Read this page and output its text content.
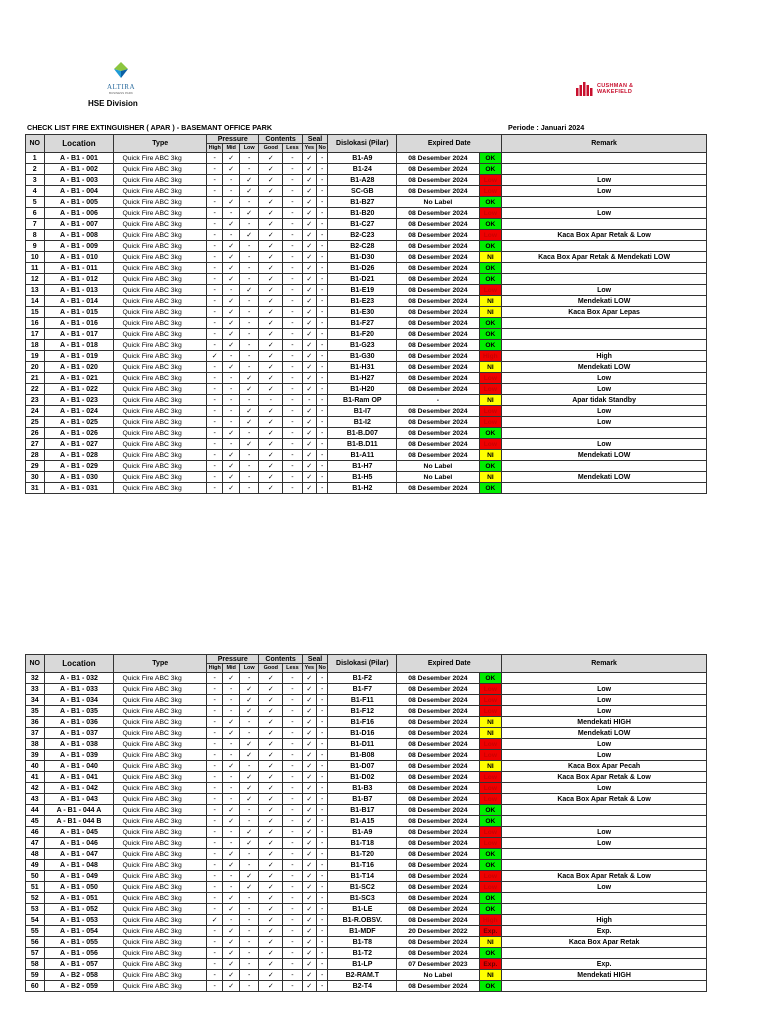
ALTIRA
BUSINESS PARK
HSE Division
CUSHMAN &
WAKEFIELD
CHECK LIST FIRE EXTINGUISHER ( APAR ) - BASEMANT OFFICE PARK	Periode : Januari 2024
NO	Location	Type	Pressure			Contents		Seal		Dislokasi (Pilar)	Expired Date		Remark
			High	Mid	Low	Good	Less	Yes	No				
1	A - B1 - 001	Quick Fire ABC 3kg	-	✓	-	✓	-	✓	-	B1-A9	08 Desember 2024	OK	
2	A - B1 - 002	Quick Fire ABC 3kg	-	✓	-	✓	-	✓	-	B1-24	08 Desember 2024	OK	
3	A - B1 - 003	Quick Fire ABC 3kg	-	-	✓	✓	-	✓	-	B1-A28	08 Desember 2024	Low	Low
4	A - B1 - 004	Quick Fire ABC 3kg	-	-	✓	✓	-	✓	-	SC-GB	08 Desember 2024	Low	Low
5	A - B1 - 005	Quick Fire ABC 3kg	-	✓	-	✓	-	✓	-	B1-B27	No Label	OK	
6	A - B1 - 006	Quick Fire ABC 3kg	-	-	✓	✓	-	✓	-	B1-B20	08 Desember 2024	Low	Low
7	A - B1 - 007	Quick Fire ABC 3kg	-	✓	-	✓	-	✓	-	B1-C27	08 Desember 2024	OK	
8	A - B1 - 008	Quick Fire ABC 3kg	-	-	✓	✓	-	✓	-	B2-C23	08 Desember 2024	Low	Kaca Box Apar Retak & Low
9	A - B1 - 009	Quick Fire ABC 3kg	-	✓	-	✓	-	✓	-	B2-C28	08 Desember 2024	OK	
10	A - B1 - 010	Quick Fire ABC 3kg	-	✓	-	✓	-	✓	-	B1-D30	08 Desember 2024	NI	Kaca Box Apar Retak & Mendekati LOW
11	A - B1 - 011	Quick Fire ABC 3kg	-	✓	-	✓	-	✓	-	B1-D26	08 Desember 2024	OK	
12	A - B1 - 012	Quick Fire ABC 3kg	-	✓	-	✓	-	✓	-	B1-D21	08 Desember 2024	OK	
13	A - B1 - 013	Quick Fire ABC 3kg	-	-	✓	✓	-	✓	-	B1-E19	08 Desember 2024	Low	Low
14	A - B1 - 014	Quick Fire ABC 3kg	-	✓	-	✓	-	✓	-	B1-E23	08 Desember 2024	NI	Mendekati LOW
15	A - B1 - 015	Quick Fire ABC 3kg	-	✓	-	✓	-	✓	-	B1-E30	08 Desember 2024	NI	Kaca Box Apar Lepas
16	A - B1 - 016	Quick Fire ABC 3kg	-	✓	-	✓	-	✓	-	B1-F27	08 Desember 2024	OK	
17	A - B1 - 017	Quick Fire ABC 3kg	-	✓	-	✓	-	✓	-	B1-F20	08 Desember 2024	OK	
18	A - B1 - 018	Quick Fire ABC 3kg	-	✓	-	✓	-	✓	-	B1-G23	08 Desember 2024	OK	
19	A - B1 - 019	Quick Fire ABC 3kg	✓	-	-	✓	-	✓	-	B1-G30	08 Desember 2024	High	High
20	A - B1 - 020	Quick Fire ABC 3kg	-	✓	-	✓	-	✓	-	B1-H31	08 Desember 2024	NI	Mendekati LOW
21	A - B1 - 021	Quick Fire ABC 3kg	-	-	✓	✓	-	✓	-	B1-H27	08 Desember 2024	Low	Low
22	A - B1 - 022	Quick Fire ABC 3kg	-	-	✓	✓	-	✓	-	B1-H20	08 Desember 2024	Low	Low
23	A - B1 - 023	Quick Fire ABC 3kg	-	-	-	-	-	-	-	B1-Ram OP	-	NI	Apar tidak Standby
24	A - B1 - 024	Quick Fire ABC 3kg	-	-	✓	✓	-	✓	-	B1-I7	08 Desember 2024	Low	Low
25	A - B1 - 025	Quick Fire ABC 3kg	-	-	✓	✓	-	✓	-	B1-I2	08 Desember 2024	Low	Low
26	A - B1 - 026	Quick Fire ABC 3kg	-	✓	-	✓	-	✓	-	B1-B.D07	08 Desember 2024	OK	
27	A - B1 - 027	Quick Fire ABC 3kg	-	-	✓	✓	-	✓	-	B1-B.D11	08 Desember 2024	Low	Low
28	A - B1 - 028	Quick Fire ABC 3kg	-	✓	-	✓	-	✓	-	B1-A11	08 Desember 2024	NI	Mendekati LOW
29	A - B1 - 029	Quick Fire ABC 3kg	-	✓	-	✓	-	✓	-	B1-H7	No Label	OK	
30	A - B1 - 030	Quick Fire ABC 3kg	-	✓	-	✓	-	✓	-	B1-H5	No Label	NI	Mendekati LOW
31	A - B1 - 031	Quick Fire ABC 3kg	-	✓	-	✓	-	✓	-	B1-H2	08 Desember 2024	OK	
NO	Location	Type	Pressure			Contents		Seal		Dislokasi (Pilar)	Expired Date		Remark
			High	Mid	Low	Good	Less	Yes	No				
32	A - B1 - 032	Quick Fire ABC 3kg	-	✓	-	✓	-	✓	-	B1-F2	08 Desember 2024	OK	
33	A - B1 - 033	Quick Fire ABC 3kg	-	-	✓	✓	-	✓	-	B1-F7	08 Desember 2024	Low	Low
34	A - B1 - 034	Quick Fire ABC 3kg	-	-	✓	✓	-	✓	-	B1-F11	08 Desember 2024	Low	Low
35	A - B1 - 035	Quick Fire ABC 3kg	-	-	✓	✓	-	✓	-	B1-F12	08 Desember 2024	Low	Low
36	A - B1 - 036	Quick Fire ABC 3kg	-	✓	-	✓	-	✓	-	B1-F16	08 Desember 2024	NI	Mendekati HIGH
37	A - B1 - 037	Quick Fire ABC 3kg	-	✓	-	✓	-	✓	-	B1-D16	08 Desember 2024	NI	Mendekati LOW
38	A - B1 - 038	Quick Fire ABC 3kg	-	-	✓	✓	-	✓	-	B1-D11	08 Desember 2024	Low	Low
39	A - B1 - 039	Quick Fire ABC 3kg	-	-	✓	✓	-	✓	-	B1-B08	08 Desember 2024	Low	Low
40	A - B1 - 040	Quick Fire ABC 3kg	-	✓	-	✓	-	✓	-	B1-D07	08 Desember 2024	NI	Kaca Box Apar Pecah
41	A - B1 - 041	Quick Fire ABC 3kg	-	-	✓	✓	-	✓	-	B1-D02	08 Desember 2024	Low	Kaca Box Apar Retak & Low
42	A - B1 - 042	Quick Fire ABC 3kg	-	-	✓	✓	-	✓	-	B1-B3	08 Desember 2024	Low	Low
43	A - B1 - 043	Quick Fire ABC 3kg	-	-	✓	✓	-	✓	-	B1-B7	08 Desember 2024	Low	Kaca Box Apar Retak & Low
44	A - B1 - 044 A	Quick Fire ABC 3kg	-	✓	-	✓	-	✓	-	B1-B17	08 Desember 2024	OK	
45	A - B1 - 044 B	Quick Fire ABC 3kg	-	✓	-	✓	-	✓	-	B1-A15	08 Desember 2024	OK	
46	A - B1 - 045	Quick Fire ABC 3kg	-	-	✓	✓	-	✓	-	B1-A9	08 Desember 2024	Low	Low
47	A - B1 - 046	Quick Fire ABC 3kg	-	-	✓	✓	-	✓	-	B1-T18	08 Desember 2024	Low	Low
48	A - B1 - 047	Quick Fire ABC 3kg	-	✓	-	✓	-	✓	-	B1-T20	08 Desember 2024	OK	
49	A - B1 - 048	Quick Fire ABC 3kg	-	✓	-	✓	-	✓	-	B1-T16	08 Desember 2024	OK	
50	A - B1 - 049	Quick Fire ABC 3kg	-	-	✓	✓	-	✓	-	B1-T14	08 Desember 2024	Low	Kaca Box Apar Retak & Low
51	A - B1 - 050	Quick Fire ABC 3kg	-	-	✓	✓	-	✓	-	B1-SC2	08 Desember 2024	Low	Low
52	A - B1 - 051	Quick Fire ABC 3kg	-	✓	-	✓	-	✓	-	B1-SC3	08 Desember 2024	OK	
53	A - B1 - 052	Quick Fire ABC 3kg	-	✓	-	✓	-	✓	-	B1-LE	08 Desember 2024	OK	
54	A - B1 - 053	Quick Fire ABC 3kg	✓	-	-	✓	-	✓	-	B1-R.OBSV.	08 Desember 2024	High	High
55	A - B1 - 054	Quick Fire ABC 3kg	-	✓	-	✓	-	✓	-	B1-MDF	20 Desember 2022	Exp.	Exp.
56	A - B1 - 055	Quick Fire ABC 3kg	-	✓	-	✓	-	✓	-	B1-T8	08 Desember 2024	NI	Kaca Box Apar Retak
57	A - B1 - 056	Quick Fire ABC 3kg	-	✓	-	✓	-	✓	-	B1-T2	08 Desember 2024	OK	
58	A - B1 - 057	Quick Fire ABC 3kg	-	✓	-	✓	-	✓	-	B1-LP	07 Desember 2023	Exp.	Exp.
59	A - B2 - 058	Quick Fire ABC 3kg	-	✓	-	✓	-	✓	-	B2-RAM.T	No Label	NI	Mendekati HIGH
60	A - B2 - 059	Quick Fire ABC 3kg	-	✓	-	✓	-	✓	-	B2-T4	08 Desember 2024	OK	
